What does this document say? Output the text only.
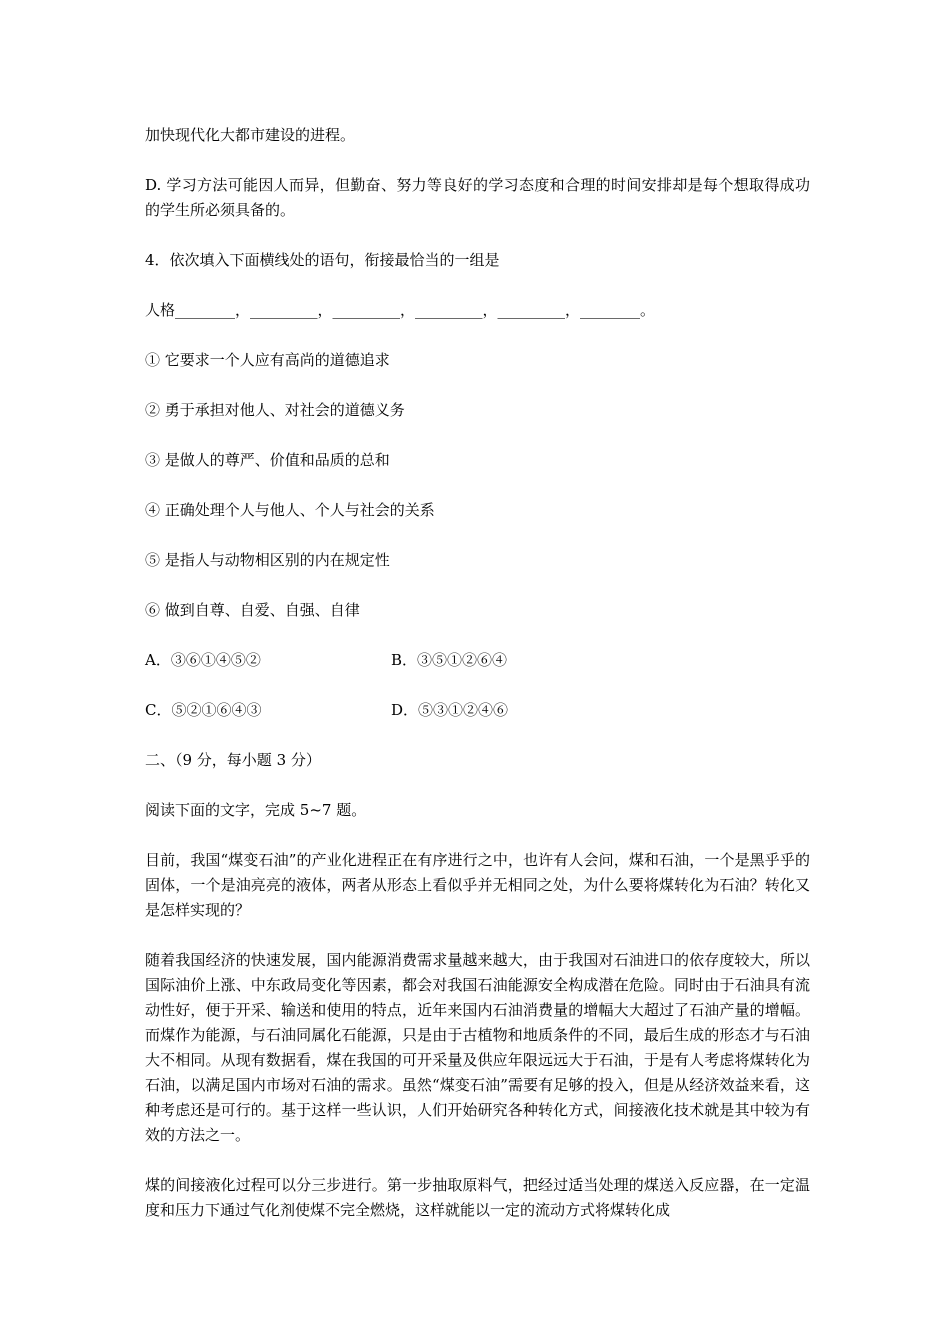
加快现代化大都市建设的进程。

D. 学习方法可能因人而异，但勤奋、努力等良好的学习态度和合理的时间安排却是每个想取得成功的学生所必须具备的。

4．依次填入下面横线处的语句，衔接最恰当的一组是

人格________，_________，_________，_________，_________，________。

① 它要求一个人应有高尚的道德追求

② 勇于承担对他人、对社会的道德义务

③ 是做人的尊严、价值和品质的总和

④ 正确处理个人与他人、个人与社会的关系

⑤ 是指人与动物相区别的内在规定性

⑥ 做到自尊、自爱、自强、自律

A．③⑥①④⑤②	B．③⑤①②⑥④
C．⑤②①⑥④③	D．⑤③①②④⑥

二、（9 分，每小题 3 分）

阅读下面的文字，完成 5~7 题。

目前，我国“煤变石油”的产业化进程正在有序进行之中，也许有人会问，煤和石油，一个是黑乎乎的固体，一个是油亮亮的液体，两者从形态上看似乎并无相同之处，为什么要将煤转化为石油？转化又是怎样实现的？

随着我国经济的快速发展，国内能源消费需求量越来越大，由于我国对石油进口的依存度较大，所以国际油价上涨、中东政局变化等因素，都会对我国石油能源安全构成潜在危险。同时由于石油具有流动性好，便于开采、输送和使用的特点，近年来国内石油消费量的增幅大大超过了石油产量的增幅。而煤作为能源，与石油同属化石能源，只是由于古植物和地质条件的不同，最后生成的形态才与石油大不相同。从现有数据看，煤在我国的可开采量及供应年限远远大于石油，于是有人考虑将煤转化为石油，以满足国内市场对石油的需求。虽然“煤变石油”需要有足够的投入，但是从经济效益来看，这种考虑还是可行的。基于这样一些认识，人们开始研究各种转化方式，间接液化技术就是其中较为有效的方法之一。

煤的间接液化过程可以分三步进行。第一步抽取原料气，把经过适当处理的煤送入反应器，在一定温度和压力下通过气化剂使煤不完全燃烧，这样就能以一定的流动方式将煤转化成
